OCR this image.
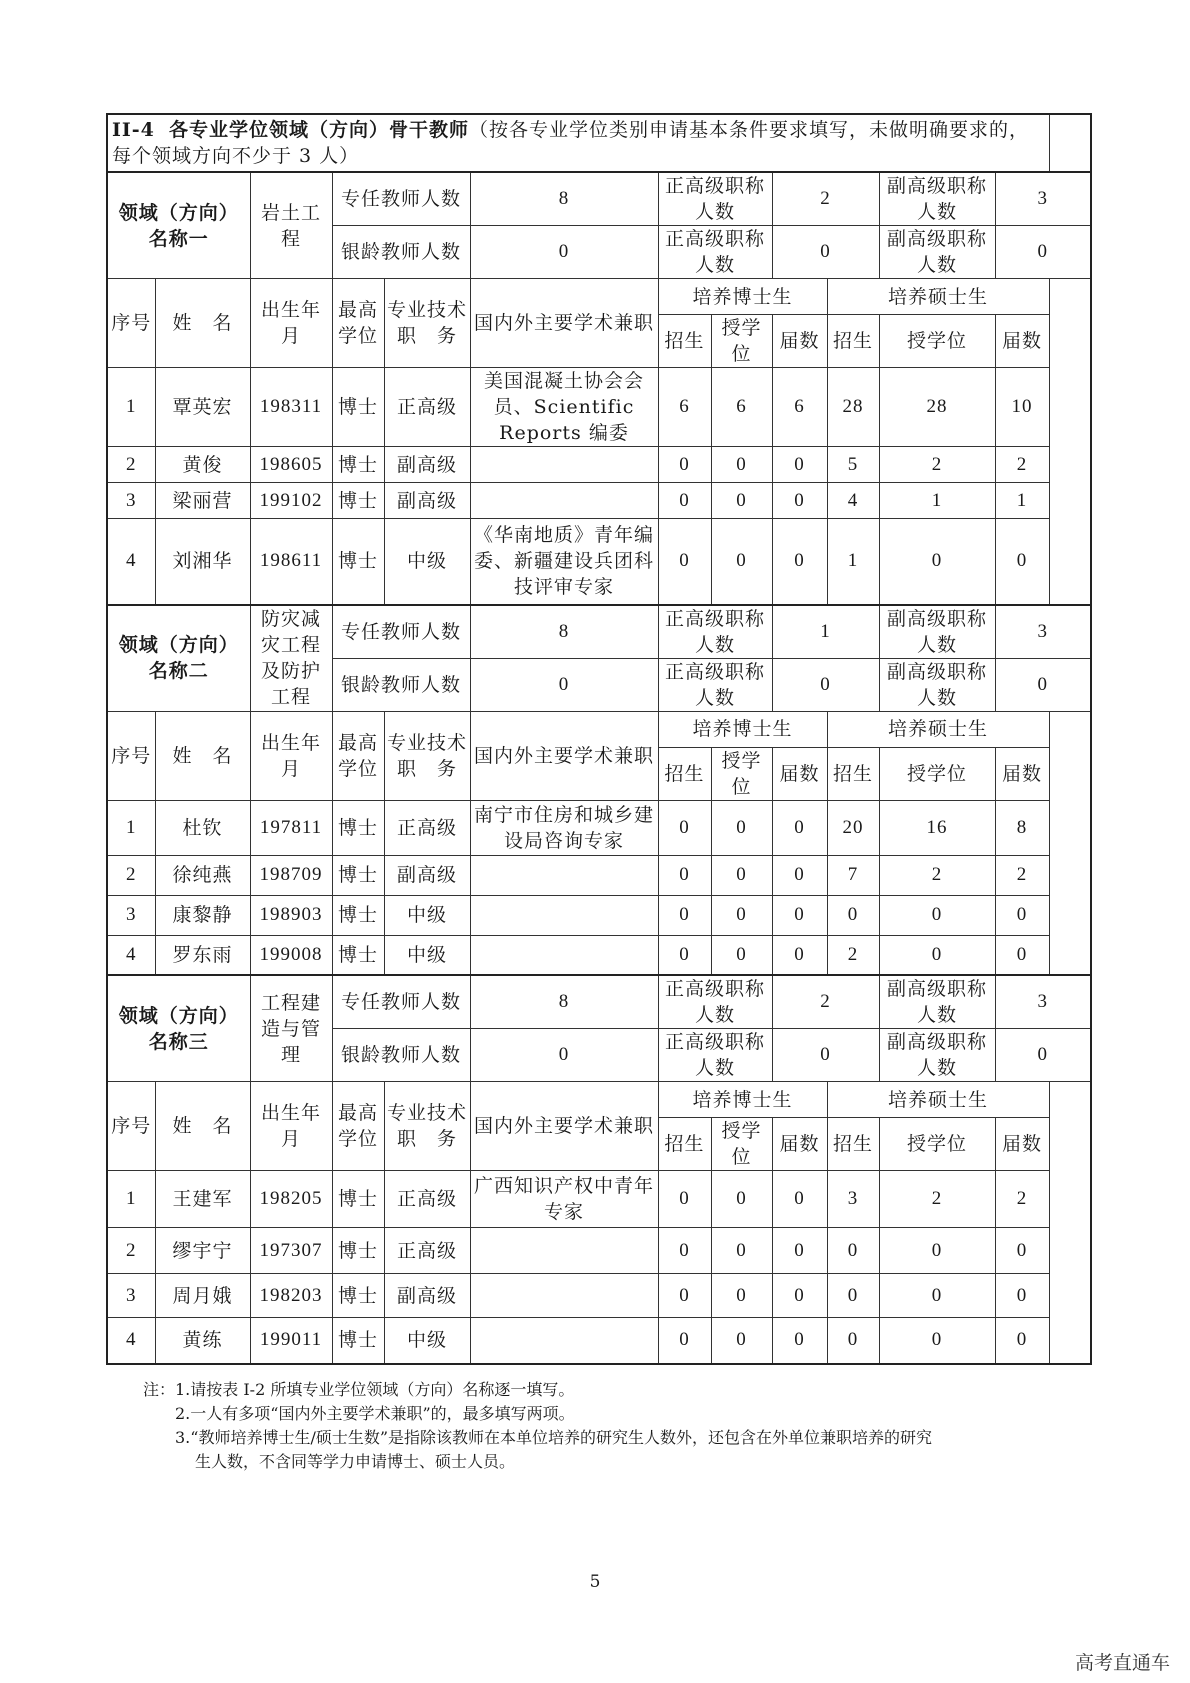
II-4 各专业学位领域（方向）骨干教师（按各专业学位类别申请基本条件要求填写，未做明确要求的，每个领域方向不少于 3 人）											
领域（方向）名称一		岩土工程	专任教师人数		8	正高级职称人数		2		副高级职称人数	3
			银龄教师人数		0	正高级职称人数		0		副高级职称人数	0
序号	姓　名	出生年月	最高学位	专业技术职　务	国内外主要学术兼职	培养博士生			培养硕士生		
						招生	授学位	届数	招生	授学位	届数
1	覃英宏	198311	博士	正高级	美国混凝土协会会员、Scientific Reports 编委	6	6	6	28	28	10
2	黄俊	198605	博士	副高级		0	0	0	5	2	2
3	梁丽营	199102	博士	副高级		0	0	0	4	1	1
4	刘湘华	198611	博士	中级	《华南地质》青年编委、新疆建设兵团科技评审专家	0	0	0	1	0	0
领域（方向）名称二		防灾减灾工程及防护工程	专任教师人数		8	正高级职称人数		1		副高级职称人数	3
			银龄教师人数		0	正高级职称人数		0		副高级职称人数	0
序号	姓　名	出生年月	最高学位	专业技术职　务	国内外主要学术兼职	培养博士生			培养硕士生		
						招生	授学位	届数	招生	授学位	届数
1	杜钦	197811	博士	正高级	南宁市住房和城乡建设局咨询专家	0	0	0	20	16	8
2	徐纯燕	198709	博士	副高级		0	0	0	7	2	2
3	康黎静	198903	博士	中级		0	0	0	0	0	0
4	罗东雨	199008	博士	中级		0	0	0	2	0	0
领域（方向）名称三		工程建造与管理	专任教师人数		8	正高级职称人数		2		副高级职称人数	3
			银龄教师人数		0	正高级职称人数		0		副高级职称人数	0
序号	姓　名	出生年月	最高学位	专业技术职　务	国内外主要学术兼职	培养博士生			培养硕士生		
						招生	授学位	届数	招生	授学位	届数
1	王建军	198205	博士	正高级	广西知识产权中青年专家	0	0	0	3	2	2
2	缪宇宁	197307	博士	正高级		0	0	0	0	0	0
3	周月娥	198203	博士	副高级		0	0	0	0	0	0
4	黄练	199011	博士	中级		0	0	0	0	0	0
注：1.请按表 I-2 所填专业学位领域（方向）名称逐一填写。
2.一人有多项“国内外主要学术兼职”的，最多填写两项。
3.“教师培养博士生/硕士生数”是指除该教师在本单位培养的研究生人数外，还包含在外单位兼职培养的研究
生人数，不含同等学力申请博士、硕士人员。
5
高考直通车
